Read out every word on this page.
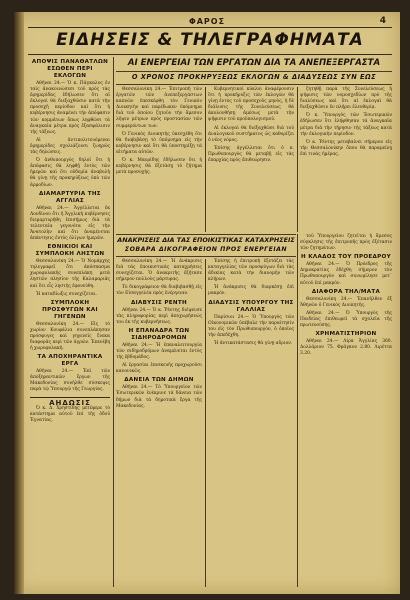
ΦΑΡΟΣ	4
ΕΙΔΗΣΕΙΣ & ΤΗΛΕΓΡΑΦΗΜΑΤΑ
ΑΠΟΨΙΣ ΠΑΝΑΘΑΤΛΩΝ ΕΣΩΘΕΝ ΠΕΡΙ ΕΚΛΟΓΩΝ

Αθήναι 24.— Ὁ κ. Πάγκαλος ἐν ταῖς ἀνακοινώσεσι τοῦ πρὸς τὰς ἐφημερίδας ἐδήλωσεν ὅτι αἱ ἐκλογαὶ θὰ διεξαχθῶσιν κατὰ τὴν προσεχῆ περίοδον καὶ ὅτι ἡ κυβέρνησις ἀναμένει τὴν ἀπόφασιν τῶν κομμάτων ὅπως ληφθῶσι τὰ ἀναγκαῖα μέτρα πρὸς ἐξασφάλισιν τῆς τάξεως.

Αἱ ἀντιπολιτευόμεναι ἐφημερίδες σχολιάζουσι ζωηρῶς τὰς δηλώσεις.

Ὁ ἀνθυπουργὸς δηλοῖ ὅτι ἡ ἀπόφασις θὰ ληφθῇ ἐντὸς τῶν ἡμερῶν καὶ ὅτι οὐδεμία ἀναβολὴ θὰ γίνῃ τῆς προκηρύξεως ὑπὸ τῶν ἁρμοδίων.

ΔΙΑΜΑΡΤΥΡΙΑ ΤΗΣ ΑΓΓΛΙΑΣ

Αθήναι 24.— Ἀγγέλλεται ἐκ Λονδίνου ὅτι ἡ Ἀγγλικὴ κυβέρνησις διεμαρτυρήθη ἐπισήμως διὰ τὰ τελευταῖα γεγονότα εἰς τὴν Ἀνατολὴν καὶ ὅτι ἀναμένεται ἀπάντησις ἐντὸς ὀλίγων ἡμερῶν.

ΕΘΝΙΚΙΟΙ ΚΑΙ ΣΥΜΠΛΟΚΗ ΛΗΣΤΩΝ

Θεσσαλονίκη 24.— Ὁ Νομάρχης τηλεγραφεῖ ὅτι ἀπόσπασμα χωροφυλακῆς συνεπλάκη μετὰ ληστῶν πλησίον τῆς Καλαμαριᾶς καὶ ὅτι εἷς ληστὴς ἐφονεύθη.

Ἡ καταδίωξις συνεχίζεται.

ΣΥΜΠΛΟΚΗ ΠΡΟΣΦΥΓΩΝ ΚΑΙ ΓΗΓΕΝΩΝ

Θεσσαλονίκη 24.— Εἰς τὸ χωρίον Κουφάλια συνεπλάκησαν πρόσφυγες καὶ γηγενεῖς ἕνεκα διαφορᾶς περὶ τῶν ἀγρῶν. Ἐπενέβη ἡ χωροφυλακὴ.

ΤΑ ΑΠΟΧΗΡΑΝΤΙΚΑ ΕΡΓΑ

Αθήναι 24.— Ἐπὶ τῶν ἀποξηραντικῶν ἔργων τῆς Μακεδονίας συνῆλθε σύσκεψις παρὰ τῷ Ὑπουργῷ τῆς Γεωργίας.

ΑΗΔΩΣΙΣ

Ὁ κ. Δ. Χρηστίδης μετέφερε τὸ κατάστημα αὐτοῦ ἐπὶ τῆς ὁδοῦ Ἐγνατίας.

ΑΙ ΕΝΕΡΓΕΙΑΙ ΤΩΝ ΕΡΓΑΤΩΝ ΔΙΑ ΤΑ ΑΝΕΠΕΞΕΡΓΑΣΤΑ
Ο ΧΡΟΝΟΣ ΠΡΟΚΗΡΥΞΕΩΣ ΕΚΛΟΓΩΝ & ΔΙΑΔΥΣΕΩΣ ΣΥΝ ΕΩΣ

Θεσσαλονίκη 24.— Ἐπιτροπὴ τῶν ἐργατῶν τῶν ἀνεπεξεργάστων καπνῶν ἐπεσκέφθη τὸν Γενικὸν Διοικητὴν καὶ παρέδωκεν ὑπόμνημα διὰ τοῦ ὁποίου ζητοῦν τὴν ἄμεσον λῆψιν μέτρων πρὸς προστασίαν τῶν συμφερόντων των.

Ὁ Γενικὸς Διοικητὴς ὑπεσχέθη ὅτι θὰ διαβιβάσῃ τὸ ὑπόμνημα εἰς τὴν κυβέρνησιν καὶ ὅτι θὰ ὑποστηρίξῃ τὰ αἰτήματα αὐτῶν.

Ὁ κ. Μαυρίδης ἐδήλωσεν ὅτι ἡ κυβέρνησις θὰ ἐξετάσῃ τὸ ζήτημα μετὰ προσοχῆς.

Κυβερνητικοὶ κύκλοι ἀναφέρουσιν ὅτι ἡ προκήρυξις τῶν ἐκλογῶν θὰ γίνῃ ἐντὸς τοῦ προσεχοῦς μηνὸς, ἡ δὲ διάλυσις τῆς Συνελεύσεως θὰ ἀκολουθήσῃ ἀμέσως μετὰ τὴν ψήφισιν τοῦ προϋπολογισμοῦ.

Αἱ ἐκλογαὶ θὰ διεξαχθῶσι διὰ τοῦ ἀναλογικοῦ συστήματος ὡς καθορίζει ὁ νέος νόμος.

Ἐπίσης ἀγγέλλεται ὅτι ὁ κ. Πρωθυπουργὸς θὰ μεταβῇ εἰς τὰς ἐπαρχίας πρὸς ἐπιθεώρησιν.

ζητηθῇ παρὰ τῆς Συνελεύσεως ἡ ψήφισις τῶν νομοσχεδίων πρὸ τῆς διαλύσεως καὶ ὅτι αἱ ἐκλογαὶ θὰ διεξαχθῶσιν ἐν πλήρει ἐλευθερίᾳ.

Ὁ κ. Ὑπουργὸς τῶν Ἐσωτερικῶν ἐδήλωσεν ὅτι ἐλήφθησαν τὰ ἀναγκαῖα μέτρα διὰ τὴν τήρησιν τῆς τάξεως κατὰ τὴν ἐκλογικὴν περίοδον.

Ὁ κ. Ῥέντης μεταβαίνει σήμερον εἰς τὴν Θεσσαλονίκην ὅπου θὰ παραμείνῃ ἐπὶ τινὰς ἡμέρας.

ΑΝΑΚΡΙΣΕΙΣ ΔΙΑ ΤΑΣ ΕΠΟΙΚΙΣΤΙΚΑΣ ΚΑΤΑΧΡΗΣΕΙΣ
ΣΟΒΑΡΑ ΔΙΚΟΓΡΑΦΕΙΟΝ ΠΡΟΣ ΕΝΕΡΓΕΙΑΝ

Θεσσαλονίκη 24.— Ἡ ἀνάκρισις διὰ τὰς ἐποικιστικὰς καταχρήσεις συνεχίζεται. Ὁ ἀνακριτὴς ἐξήτασε σήμερον πολλοὺς μάρτυρας.

Τὸ δικογράφειον θὰ διαβιβασθῇ εἰς τὸν Εἰσαγγελέα πρὸς ἐνέργειαν.

ΔΙΑΒΥΣΙΣ ΡΕΝΤΗ

Αθήναι 24.— Ὁ κ. Ῥέντης διέψευσε τὰς πληροφορίας περὶ ἀποχωρήσεώς του ἐκ τῆς κυβερνήσεως.

Η ΕΠΑΝΑΔΡΑ ΤΩΝ ΣΙΔΗΡΟΔΡΟΜΩΝ

Αθήναι 24.— Ἡ ἐπαναλειτουργία τῶν σιδηροδρόμων ἀναμένεται ἐντὸς τῆς ἑβδομάδος.

Αἱ ἐργασίαι ἐπισκευῆς προχωροῦσι κανονικῶς.

ΔΑΝΕΙΑ ΤΩΝ ΔΗΜΩΝ

Αθήναι 24.— Τὸ Ὑπουργεῖον τῶν Ἐσωτερικῶν ἐνέκρινε τὰ δάνεια τῶν δήμων διὰ τὰ δημοτικὰ ἔργα τῆς Μακεδονίας.

Ἐπίσης ἡ ἐπιτροπὴ ἐξετάζει τὰς καταγγελίας τῶν προσφύγων διὰ τὰς ἀδικίας κατὰ τὴν διανομὴν τῶν κλήρων.

Ἡ ἀνάκρισις θὰ διαρκέσῃ ἐπὶ μακρόν.

ΔΙΑΔΥΣΙΣ ΥΠΟΥΡΓΟΥ ΤΗΣ ΓΑΛΛΙΑΣ

Παρίσιοι 24.— Ὁ Ὑπουργὸς τῶν Οἰκονομικῶν ὑπέβαλε τὴν παραίτησίν του εἰς τὸν Πρωθυπουργὸν, ὁ ὁποῖος τὴν ἀπεδέχθη.

Ἡ ἀντικατάστασις θὰ γίνῃ αὔριον.

τοῦ Ὑπουργείου ζητεῖται ἡ ἄμεσος σύγκλησις τῆς ἐπιτροπῆς πρὸς ἐξέτασιν τῶν ζητημάτων.

Η ΚΛΑΔΟΣ ΤΟΥ ΠΡΟΕΔΡΟΥ

Αθήναι 24.— Ὁ Πρόεδρος τῆς Δημοκρατίας ἐδέχθη σήμερον τὸν Πρωθυπουργὸν καὶ συνωμίλησε μετ᾽ αὐτοῦ ἐπὶ μακρόν.

ΔΙΑΦΟΡΑ ΤΗΛ/ΜΑΤΑ

Θεσσαλονίκη 24.— Ἐπανῆλθεν ἐξ Ἀθηνῶν ὁ Γενικὸς Διοικητὴς.

Αθήναι 24.— Ὁ Ὑπουργὸς τῆς Παιδείας ἐπιθεωρεῖ τὰ σχολεῖα τῆς πρωτευούσης.

ΧΡΗΜΑΤΙΣΤΗΡΙΟΝ

Αθήναι 24.— Λίρα Ἀγγλίας 360. Δολλάριον 75. Φράγκον 2.80. Λιρέττα 3.20.
